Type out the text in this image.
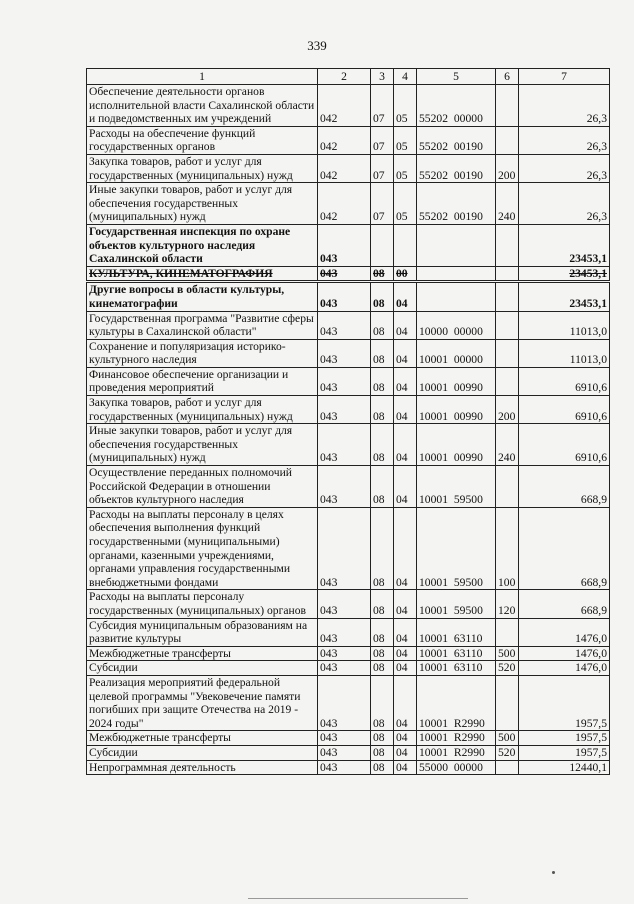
339
1	2	3	4	5	6	7
Обеспечение деятельности органов исполнительной власти Сахалинской области и подведомственных им учреждений	042	07	05	55202 00000		26,3
Расходы на обеспечение функций государственных органов	042	07	05	55202 00190		26,3
Закупка товаров, работ и услуг для государственных (муниципальных) нужд	042	07	05	55202 00190	200	26,3
Иные закупки товаров, работ и услуг для обеспечения государственных (муниципальных) нужд	042	07	05	55202 00190	240	26,3
Государственная инспекция по охране объектов культурного наследия Сахалинской области	043					23453,1
КУЛЬТУРА, КИНЕМАТОГРАФИЯ	043	08	00			23453,1
Другие вопросы в области культуры, кинематографии	043	08	04			23453,1
Государственная программа "Развитие сферы культуры в Сахалинской области"	043	08	04	10000 00000		11013,0
Сохранение и популяризация историко-культурного наследия	043	08	04	10001 00000		11013,0
Финансовое обеспечение организации и проведения мероприятий	043	08	04	10001 00990		6910,6
Закупка товаров, работ и услуг для государственных (муниципальных) нужд	043	08	04	10001 00990	200	6910,6
Иные закупки товаров, работ и услуг для обеспечения государственных (муниципальных) нужд	043	08	04	10001 00990	240	6910,6
Осуществление переданных полномочий Российской Федерации в отношении объектов культурного наследия	043	08	04	10001 59500		668,9
Расходы на выплаты персоналу в целях обеспечения выполнения функций государственными (муниципальными) органами, казенными учреждениями, органами управления государственными внебюджетными фондами	043	08	04	10001 59500	100	668,9
Расходы на выплаты персоналу государственных (муниципальных) органов	043	08	04	10001 59500	120	668,9
Субсидия муниципальным образованиям на развитие культуры	043	08	04	10001 63110		1476,0
Межбюджетные трансферты	043	08	04	10001 63110	500	1476,0
Субсидии	043	08	04	10001 63110	520	1476,0
Реализация мероприятий федеральной целевой программы "Увековечение памяти погибших при защите Отечества на 2019 - 2024 годы"	043	08	04	10001 R2990		1957,5
Межбюджетные трансферты	043	08	04	10001 R2990	500	1957,5
Субсидии	043	08	04	10001 R2990	520	1957,5
Непрограммная деятельность	043	08	04	55000 00000		12440,1
